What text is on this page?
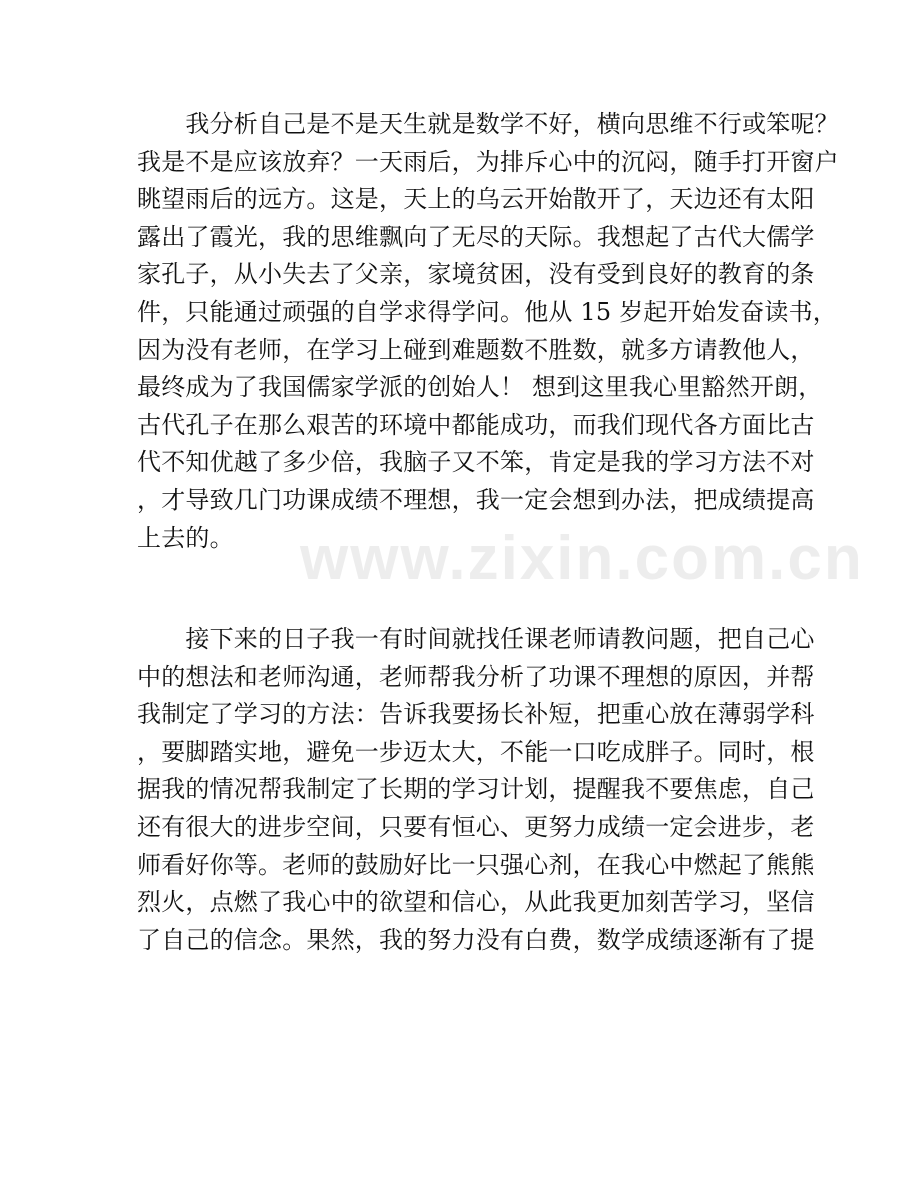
　　我分析自己是不是天生就是数学不好，横向思维不行或笨呢？
我是不是应该放弃？一天雨后，为排斥心中的沉闷，随手打开窗户
眺望雨后的远方。这是，天上的乌云开始散开了，天边还有太阳
露出了霞光，我的思维飘向了无尽的天际。我想起了古代大儒学
家孔子，从小失去了父亲，家境贫困，没有受到良好的教育的条
件，只能通过顽强的自学求得学问。他从 15 岁起开始发奋读书，
因为没有老师，在学习上碰到难题数不胜数，就多方请教他人，
最终成为了我国儒家学派的创始人！ 想到这里我心里豁然开朗，
古代孔子在那么艰苦的环境中都能成功，而我们现代各方面比古
代不知优越了多少倍，我脑子又不笨，肯定是我的学习方法不对
，才导致几门功课成绩不理想，我一定会想到办法，把成绩提高
上去的。
　　接下来的日子我一有时间就找任课老师请教问题，把自己心
中的想法和老师沟通，老师帮我分析了功课不理想的原因，并帮
我制定了学习的方法：告诉我要扬长补短，把重心放在薄弱学科
，要脚踏实地，避免一步迈太大，不能一口吃成胖子。同时，根
据我的情况帮我制定了长期的学习计划，提醒我不要焦虑，自己
还有很大的进步空间，只要有恒心、更努力成绩一定会进步，老
师看好你等。老师的鼓励好比一只强心剂，在我心中燃起了熊熊
烈火，点燃了我心中的欲望和信心，从此我更加刻苦学习，坚信
了自己的信念。果然，我的努力没有白费，数学成绩逐渐有了提
www.zixin.com.cn
